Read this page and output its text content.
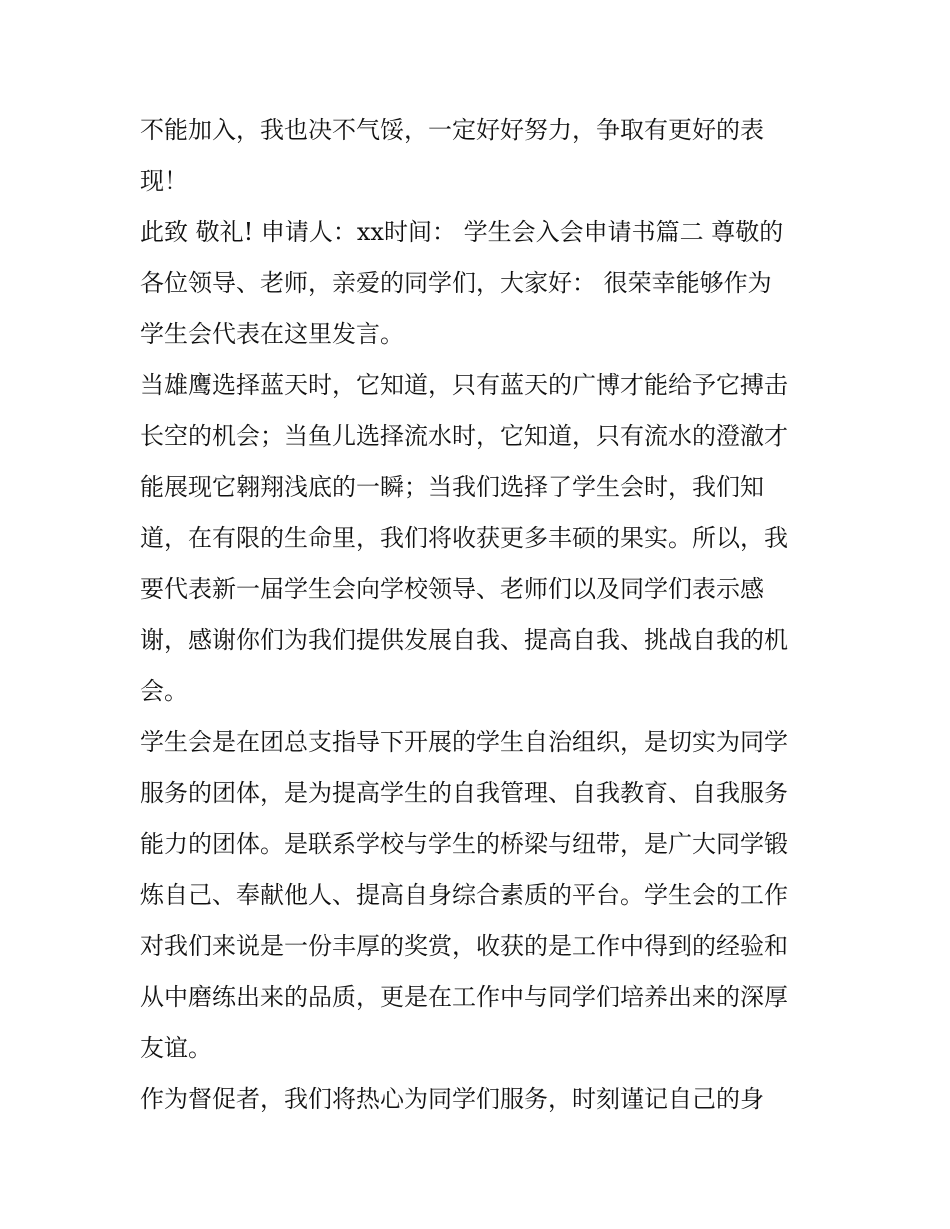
不能加入，我也决不气馁，一定好好努力，争取有更好的表
现！
此致 敬礼! 申请人：xx时间： 学生会入会申请书篇二 尊敬的
各位领导、老师，亲爱的同学们，大家好： 很荣幸能够作为
学生会代表在这里发言。
当雄鹰选择蓝天时，它知道，只有蓝天的广博才能给予它搏击
长空的机会；当鱼儿选择流水时，它知道，只有流水的澄澈才
能展现它翱翔浅底的一瞬；当我们选择了学生会时，我们知
道，在有限的生命里，我们将收获更多丰硕的果实。所以，我
要代表新一届学生会向学校领导、老师们以及同学们表示感
谢，感谢你们为我们提供发展自我、提高自我、挑战自我的机
会。
学生会是在团总支指导下开展的学生自治组织，是切实为同学
服务的团体，是为提高学生的自我管理、自我教育、自我服务
能力的团体。是联系学校与学生的桥梁与纽带，是广大同学锻
炼自己、奉献他人、提高自身综合素质的平台。学生会的工作
对我们来说是一份丰厚的奖赏，收获的是工作中得到的经验和
从中磨练出来的品质，更是在工作中与同学们培养出来的深厚
友谊。
作为督促者，我们将热心为同学们服务，时刻谨记自己的身
